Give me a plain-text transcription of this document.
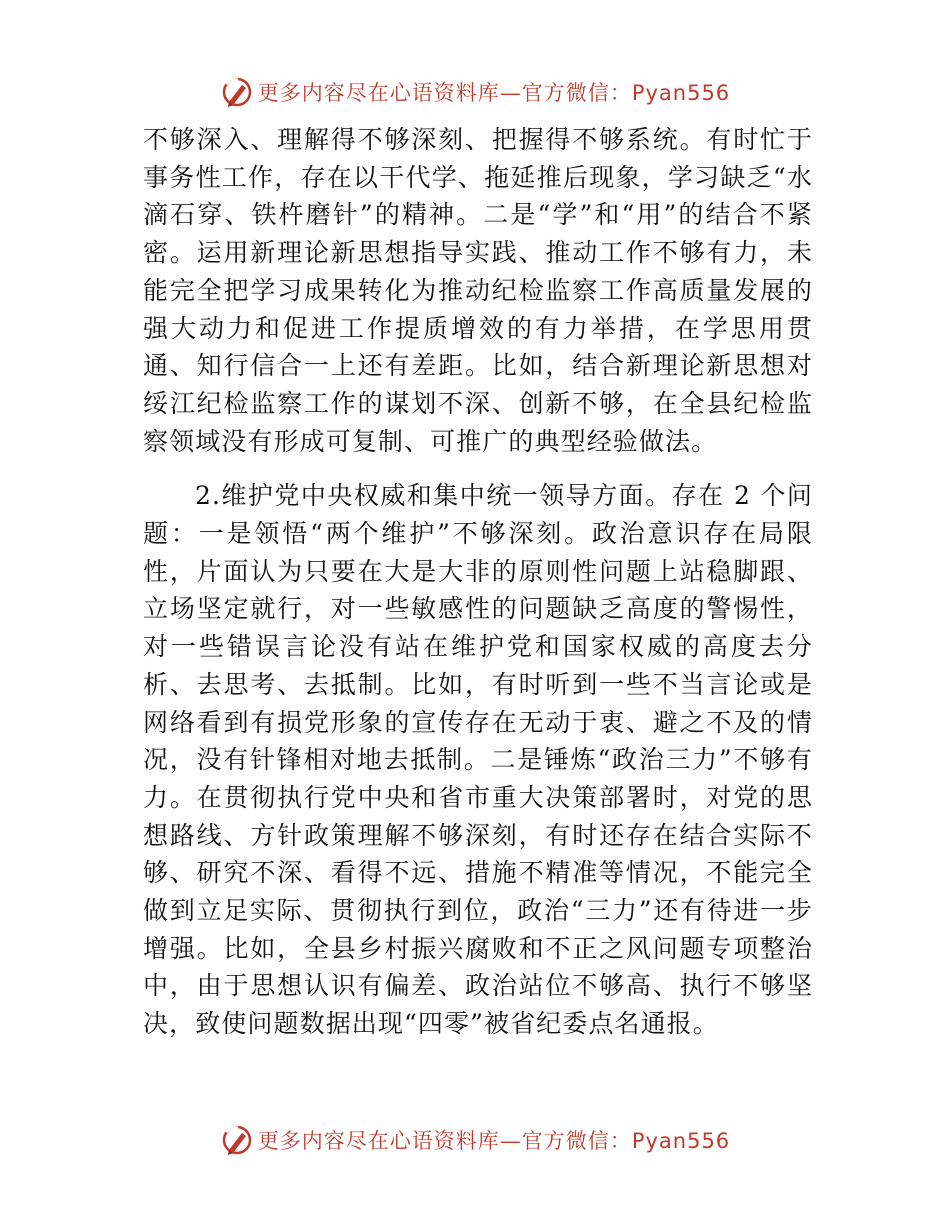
更多内容尽在心语资料库—官方微信：Pyan556

不够深入、理解得不够深刻、把握得不够系统。有时忙于事务性工作，存在以干代学、拖延推后现象，学习缺乏“水滴石穿、铁杵磨针”的精神。二是“学”和“用”的结合不紧密。运用新理论新思想指导实践、推动工作不够有力，未能完全把学习成果转化为推动纪检监察工作高质量发展的强大动力和促进工作提质增效的有力举措，在学思用贯通、知行信合一上还有差距。比如，结合新理论新思想对绥江纪检监察工作的谋划不深、创新不够，在全县纪检监察领域没有形成可复制、可推广的典型经验做法。

2.维护党中央权威和集中统一领导方面。存在 2 个问题：一是领悟“两个维护”不够深刻。政治意识存在局限性，片面认为只要在大是大非的原则性问题上站稳脚跟、立场坚定就行，对一些敏感性的问题缺乏高度的警惕性，对一些错误言论没有站在维护党和国家权威的高度去分析、去思考、去抵制。比如，有时听到一些不当言论或是网络看到有损党形象的宣传存在无动于衷、避之不及的情况，没有针锋相对地去抵制。二是锤炼“政治三力”不够有力。在贯彻执行党中央和省市重大决策部署时，对党的思想路线、方针政策理解不够深刻，有时还存在结合实际不够、研究不深、看得不远、措施不精准等情况，不能完全做到立足实际、贯彻执行到位，政治“三力”还有待进一步增强。比如，全县乡村振兴腐败和不正之风问题专项整治中，由于思想认识有偏差、政治站位不够高、执行不够坚决，致使问题数据出现“四零”被省纪委点名通报。

更多内容尽在心语资料库—官方微信：Pyan556
